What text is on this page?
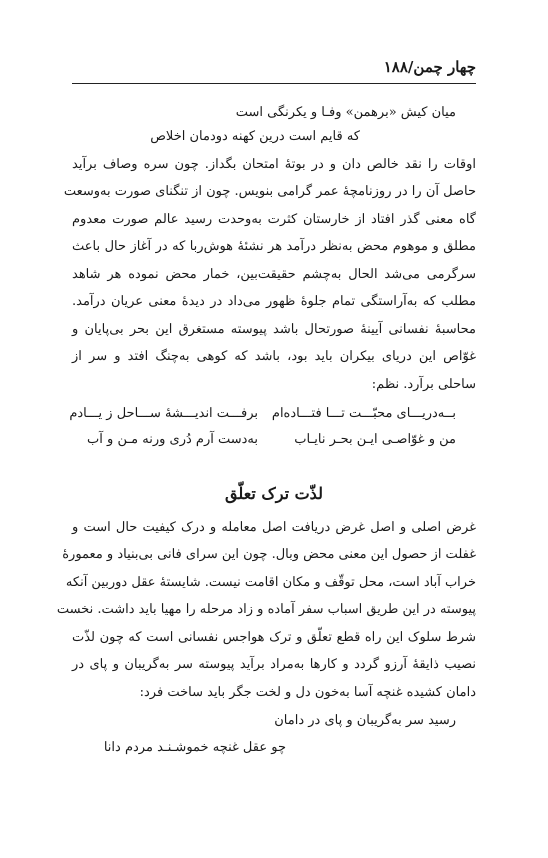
چهار چمن/۱۸۸
میان کیش «برهمن» وفـا و یکرنگی است
که قایم است درین کهنه دودمان اخلاص
اوقات را نقد خالص دان و در بوتهٔ امتحان بگداز. چون سره وصاف برآید
حاصل آن را در روزنامچهٔ عمر گرامی بنویس. چون از تنگنای صورت به‌وسعت
گاه معنی گذر افتاد از خارستان کثرت به‌وحدت رسید عالم صورت معدوم
مطلق و موهوم محض به‌نظر درآمد هر نشئهٔ هوش‌ربا که در آغاز حال باعث
سرگرمی می‌شد الحال به‌چشم حقیقت‌بین، خمار محض نموده هر شاهد
مطلب که به‌آراستگی تمام جلوهٔ ظهور می‌داد در دیدهٔ معنی عریان درآمد.
محاسبهٔ نفسانی آیینهٔ صورتحال باشد پیوسته مستغرق این بحر بی‌پایان و
غوّاص این دریای بیکران باید بود، باشد که کوهی به‌چنگ افتد و سر از
ساحلی برآرد. نظم:
بــه‌دریـــای محبّـــت تـــا فتـــاده‌ام
برفـــت اندیـــشهٔ ســـاحل ز یـــادم
من و غوّاصـی ایـن بحـر نایـاب
به‌دست آرم دُری ورنه مـن و آب
لذّت ترک تعلّق
غرض اصلی و اصل غرض دریافت اصل معامله و درک کیفیت حال است و
غفلت از حصول این معنی محض وبال. چون این سرای فانی بی‌بنیاد و معمورهٔ
خراب آباد است، محل توقّف و مکان اقامت نیست. شایستهٔ عقل دوربین آنکه
پیوسته در این طریق اسباب سفر آماده و زاد مرحله را مهیا باید داشت. نخست
شرط سلوک این راه قطع تعلّق و ترک هواجس نفسانی است که چون لذّت
نصیب ذایقهٔ آرزو گردد و کارها به‌مراد برآید پیوسته سر به‌گریبان و پای در
دامان کشیده غنچه آسا به‌خون دل و لخت جگر باید ساخت فرد:
رسید سر به‌گریبان و پای در دامان
چو عقل غنچه خموشـنـد مردم دانا
